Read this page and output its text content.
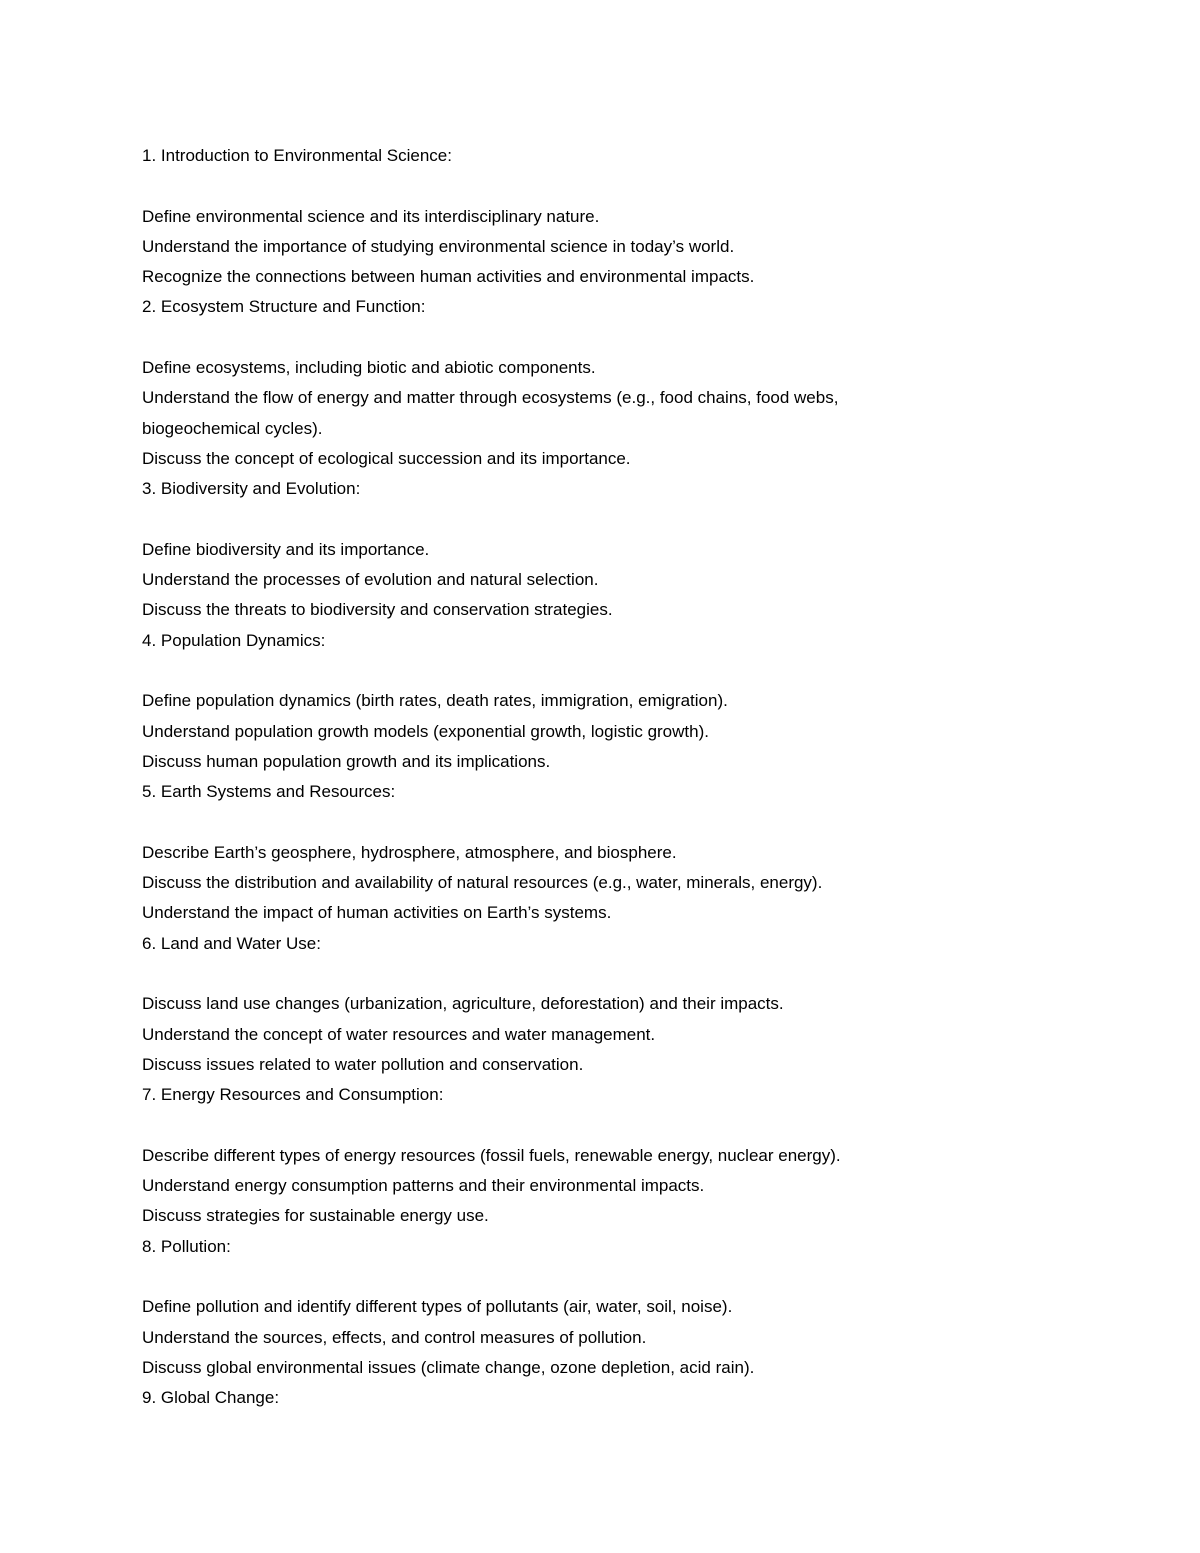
1. Introduction to Environmental Science:
Define environmental science and its interdisciplinary nature.
Understand the importance of studying environmental science in today’s world.
Recognize the connections between human activities and environmental impacts.
2. Ecosystem Structure and Function:
Define ecosystems, including biotic and abiotic components.
Understand the flow of energy and matter through ecosystems (e.g., food chains, food webs,
biogeochemical cycles).
Discuss the concept of ecological succession and its importance.
3. Biodiversity and Evolution:
Define biodiversity and its importance.
Understand the processes of evolution and natural selection.
Discuss the threats to biodiversity and conservation strategies.
4. Population Dynamics:
Define population dynamics (birth rates, death rates, immigration, emigration).
Understand population growth models (exponential growth, logistic growth).
Discuss human population growth and its implications.
5. Earth Systems and Resources:
Describe Earth’s geosphere, hydrosphere, atmosphere, and biosphere.
Discuss the distribution and availability of natural resources (e.g., water, minerals, energy).
Understand the impact of human activities on Earth’s systems.
6. Land and Water Use:
Discuss land use changes (urbanization, agriculture, deforestation) and their impacts.
Understand the concept of water resources and water management.
Discuss issues related to water pollution and conservation.
7. Energy Resources and Consumption:
Describe different types of energy resources (fossil fuels, renewable energy, nuclear energy).
Understand energy consumption patterns and their environmental impacts.
Discuss strategies for sustainable energy use.
8. Pollution:
Define pollution and identify different types of pollutants (air, water, soil, noise).
Understand the sources, effects, and control measures of pollution.
Discuss global environmental issues (climate change, ozone depletion, acid rain).
9. Global Change:
